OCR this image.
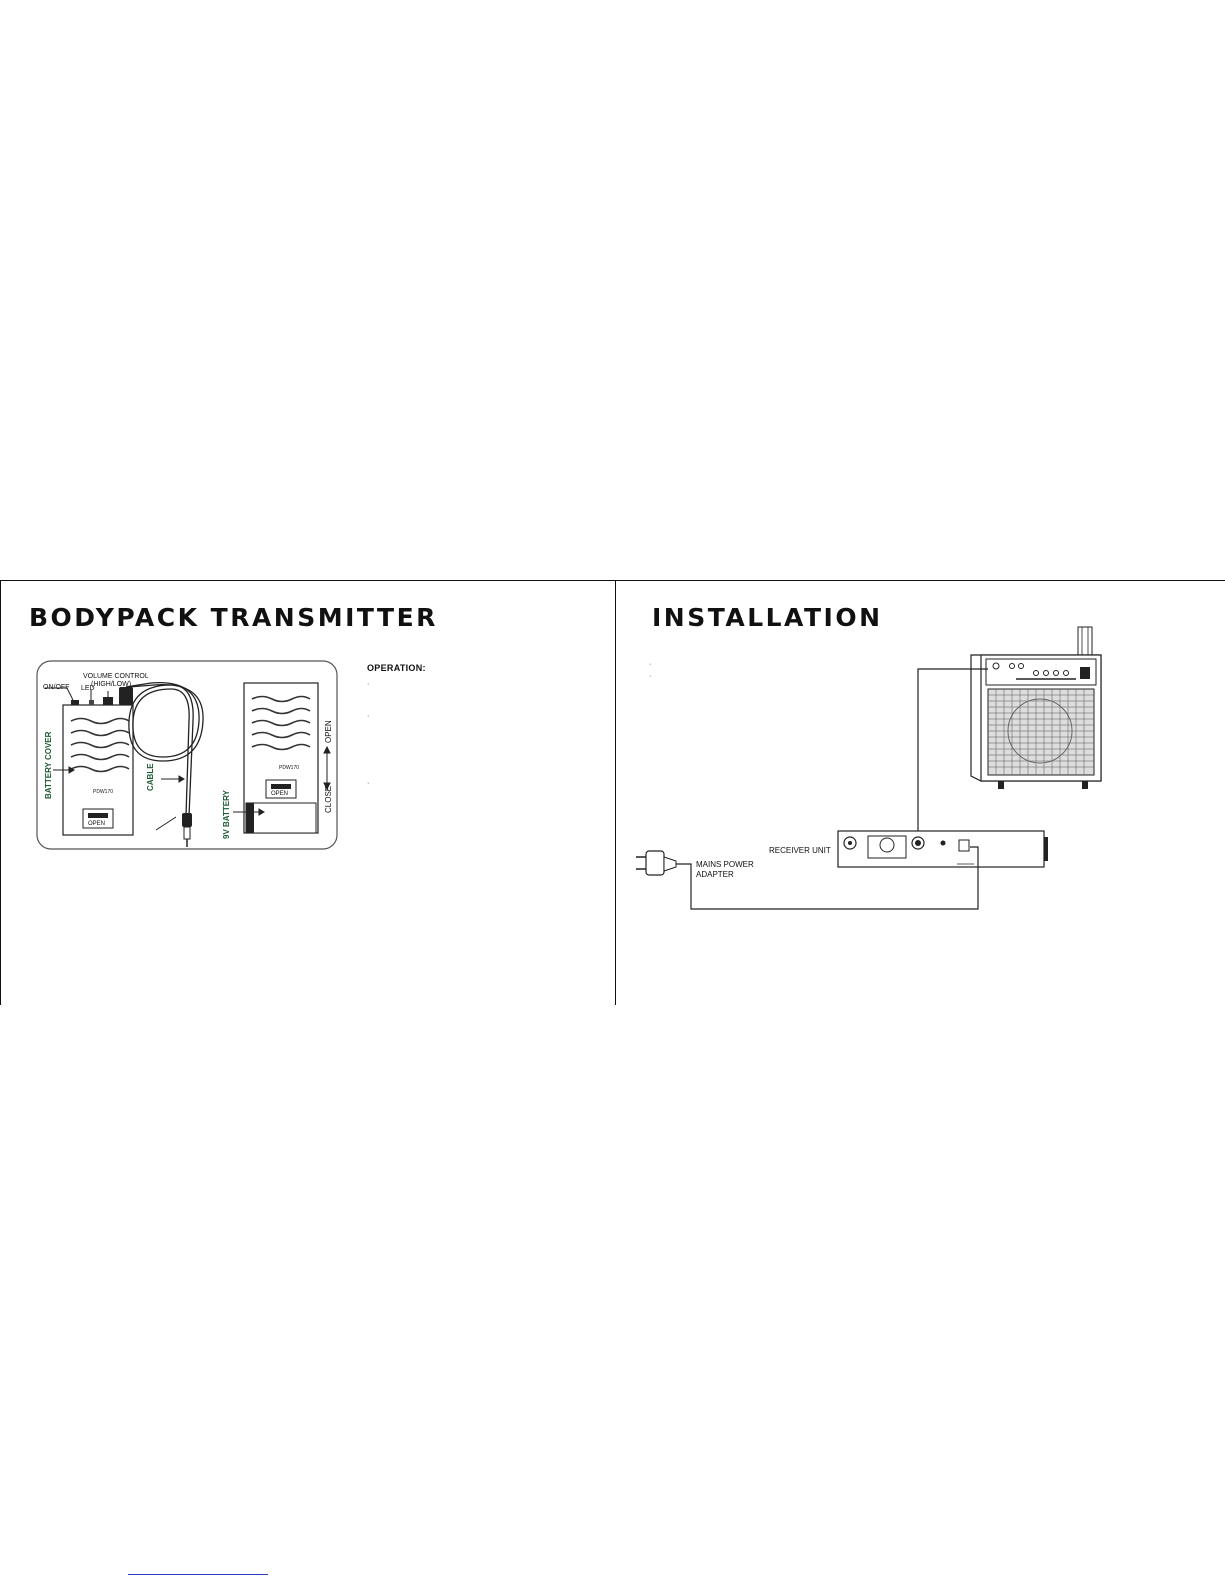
BODYPACK TRANSMITTER
OPEN
PDW170
PDW170
OPEN
VOLUME CONTROL
(HIGH/LOW)
LED
ON/OFF
BATTERY COVER	CABLE
9V BATTERY
OPEN
CLOSE
OPERATION:
·
·
·
INSTALLATION
·
·
RECEIVER UNIT
MAINS POWER
ADAPTER
